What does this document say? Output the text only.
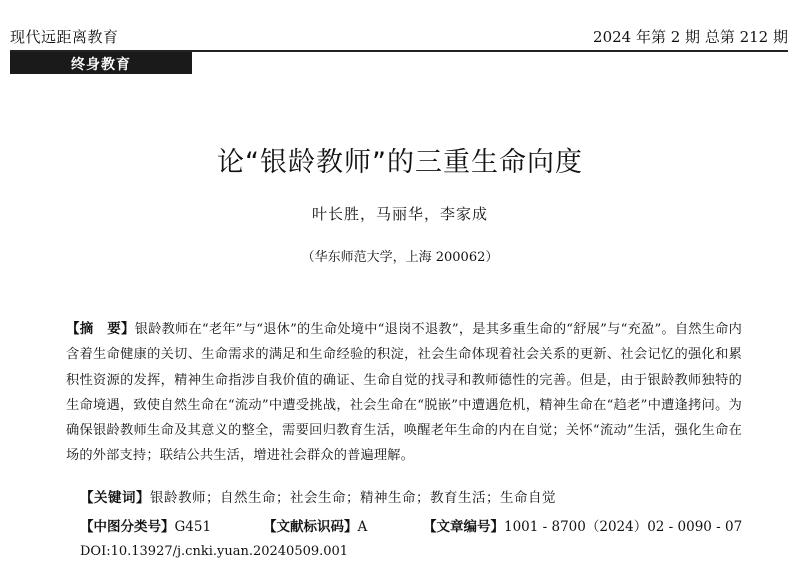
现代远距离教育	2024 年第 2 期 总第 212 期
终身教育
论“银龄教师”的三重生命向度
叶长胜，马丽华，李家成
（华东师范大学，上海 200062）
【摘　要】银龄教师在“老年”与“退休”的生命处境中“退岗不退教”，是其多重生命的“舒展”与“充盈”。自然生命内含着生命健康的关切、生命需求的满足和生命经验的积淀，社会生命体现着社会关系的更新、社会记忆的强化和累积性资源的发挥，精神生命指涉自我价值的确证、生命自觉的找寻和教师德性的完善。但是，由于银龄教师独特的生命境遇，致使自然生命在“流动”中遭受挑战，社会生命在“脱嵌”中遭遇危机，精神生命在“趋老”中遭逢拷问。为确保银龄教师生命及其意义的整全，需要回归教育生活，唤醒老年生命的内在自觉；关怀“流动”生活，强化生命在场的外部支持；联结公共生活，增进社会群众的普遍理解。
【关键词】银龄教师；自然生命；社会生命；精神生命；教育生活；生命自觉
【中图分类号】G451	【文献标识码】A	【文章编号】1001 - 8700（2024）02 - 0090 - 07
DOI:10.13927/j.cnki.yuan.20240509.001
